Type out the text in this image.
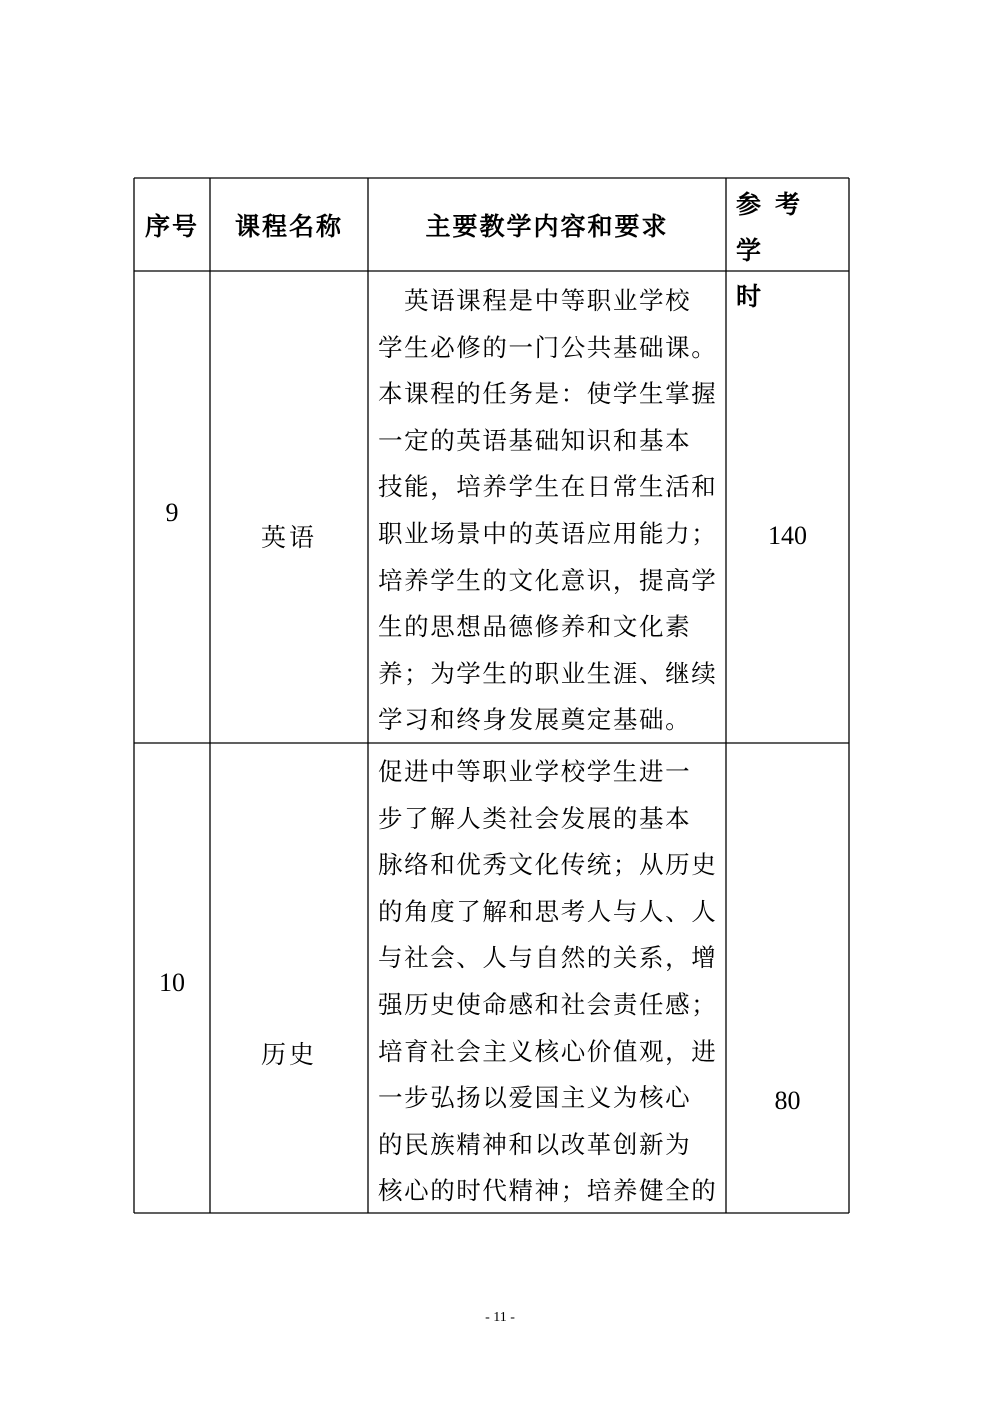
序号 课程名称	主要教学内容和要求
参考学
时
9
英语
　英语课程是中等职业学校
学生必修的一门公共基础课。
本课程的任务是：使学生掌握
一定的英语基础知识和基本
技能，培养学生在日常生活和
职业场景中的英语应用能力；
培养学生的文化意识，提高学
生的思想品德修养和文化素
养；为学生的职业生涯、继续
学习和终身发展奠定基础。
140
10
历史
促进中等职业学校学生进一
步了解人类社会发展的基本
脉络和优秀文化传统；从历史
的角度了解和思考人与人、人
与社会、人与自然的关系，增
强历史使命感和社会责任感；
培育社会主义核心价值观，进
一步弘扬以爱国主义为核心
的民族精神和以改革创新为
核心的时代精神；培养健全的
80
- 11 -
